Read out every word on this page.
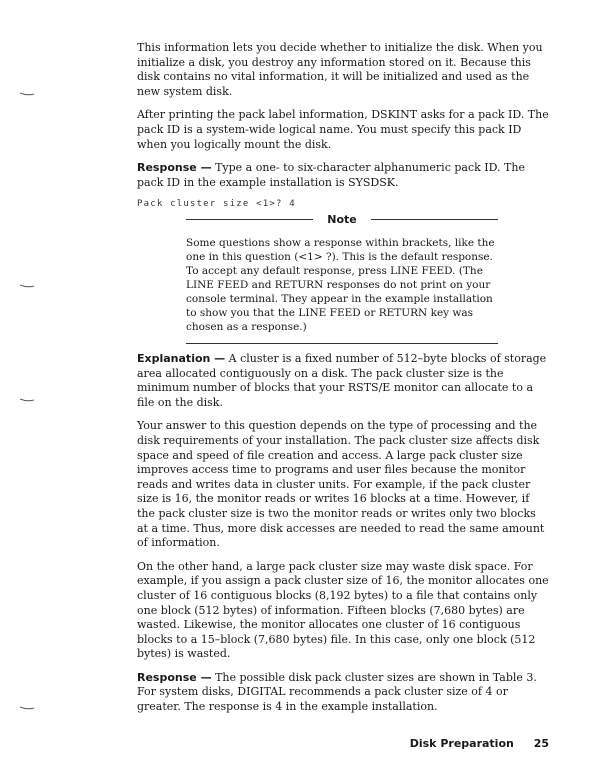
This information lets you decide whether to initialize the disk. When you initialize a disk, you destroy any information stored on it. Because this disk contains no vital information, it will be initialized and used as the new system disk.

After printing the pack label information, DSKINT asks for a pack ID. The pack ID is a system-wide logical name. You must specify this pack ID when you logically mount the disk.

Response — Type a one- to six-character alphanumeric pack ID. The pack ID in the example installation is SYSDSK.

Pack cluster size <1>? 4
Note

Some questions show a response within brackets, like the one in this question (<1> ?). This is the default response. To accept any default response, press LINE FEED. (The LINE FEED and RETURN responses do not print on your console terminal. They appear in the example installation to show you that the LINE FEED or RETURN key was chosen as a response.)

Explanation — A cluster is a fixed number of 512–byte blocks of storage area allocated contiguously on a disk. The pack cluster size is the minimum number of blocks that your RSTS/E monitor can allocate to a file on the disk.

Your answer to this question depends on the type of processing and the disk requirements of your installation. The pack cluster size affects disk space and speed of file creation and access. A large pack cluster size improves access time to programs and user files because the monitor reads and writes data in cluster units. For example, if the pack cluster size is 16, the monitor reads or writes 16 blocks at a time. However, if the pack cluster size is two the monitor reads or writes only two blocks at a time. Thus, more disk accesses are needed to read the same amount of information.

On the other hand, a large pack cluster size may waste disk space. For example, if you assign a pack cluster size of 16, the monitor allocates one cluster of 16 contiguous blocks (8,192 bytes) to a file that contains only one block (512 bytes) of information. Fifteen blocks (7,680 bytes) are wasted. Likewise, the monitor allocates one cluster of 16 contiguous blocks to a 15–block (7,680 bytes) file. In this case, only one block (512 bytes) is wasted.

Response — The possible disk pack cluster sizes are shown in Table 3. For system disks, DIGITAL recommends a pack cluster size of 4 or greater. The response is 4 in the example installation.

Disk Preparation 25
